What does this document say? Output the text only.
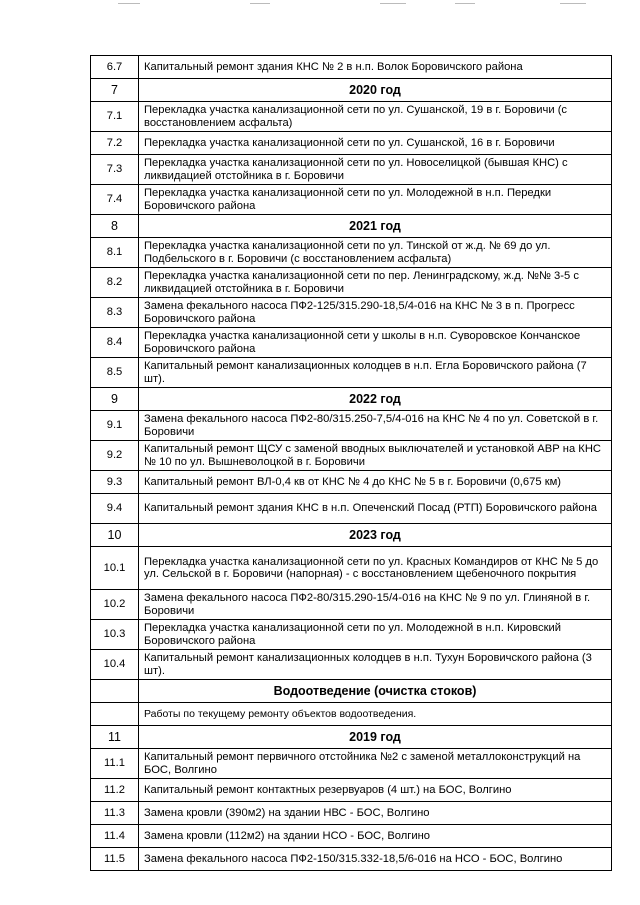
6.7	Капитальный ремонт здания КНС № 2 в н.п. Волок Боровичского района
7	2020 год
7.1	Перекладка участка канализационной сети по ул. Сушанской, 19 в г. Боровичи (с восстановлением асфальта)
7.2	Перекладка участка канализационной сети по ул. Сушанской, 16 в г. Боровичи
7.3	Перекладка участка канализационной сети по ул. Новоселицкой (бывшая КНС) с ликвидацией отстойника в г. Боровичи
7.4	Перекладка участка канализационной сети по ул. Молодежной в н.п. Передки Боровичского района
8	2021 год
8.1	Перекладка участка канализационной сети по ул. Тинской от ж.д. № 69 до ул. Подбельского в г. Боровичи (с восстановлением асфальта)
8.2	Перекладка участка канализационной сети по пер. Ленинградскому, ж.д. №№ 3-5 с ликвидацией отстойника в г. Боровичи
8.3	Замена фекального насоса ПФ2-125/315.290-18,5/4-016 на КНС № 3 в п. Прогресс Боровичского района
8.4	Перекладка участка канализационной сети у школы в н.п. Суворовское Кончанское Боровичского района
8.5	Капитальный ремонт канализационных колодцев в н.п. Егла Боровичского района (7 шт).
9	2022 год
9.1	Замена фекального насоса ПФ2-80/315.250-7,5/4-016 на КНС № 4 по ул. Советской в г. Боровичи
9.2	Капитальный ремонт ЩСУ с заменой вводных выключателей и установкой АВР на КНС № 10 по ул. Вышневолоцкой в г. Боровичи
9.3	Капитальный ремонт ВЛ-0,4 кв от КНС № 4 до КНС № 5 в г. Боровичи (0,675 км)
9.4	Капитальный ремонт здания КНС в н.п. Опеченский Посад (РТП) Боровичского района
10	2023 год
10.1	Перекладка участка канализационной сети по ул. Красных Командиров от КНС № 5 до ул. Сельской в г. Боровичи (напорная) - с восстановлением щебеночного покрытия
10.2	Замена фекального насоса ПФ2-80/315.290-15/4-016 на КНС № 9 по ул. Глиняной в г. Боровичи
10.3	Перекладка участка канализационной сети по ул. Молодежной в н.п. Кировский Боровичского района
10.4	Капитальный ремонт канализационных колодцев в н.п. Тухун Боровичского района (3 шт).
	Водоотведение (очистка стоков)
	Работы по текущему ремонту объектов водоотведения.
11	2019 год
11.1	Капитальный ремонт первичного отстойника №2 с заменой металлоконструкций на БОС, Волгино
11.2	Капитальный ремонт контактных резервуаров (4 шт.) на БОС, Волгино
11.3	Замена кровли (390м2) на здании НВС - БОС, Волгино
11.4	Замена кровли (112м2) на здании НСО - БОС, Волгино
11.5	Замена фекального насоса ПФ2-150/315.332-18,5/6-016 на НСО - БОС, Волгино
